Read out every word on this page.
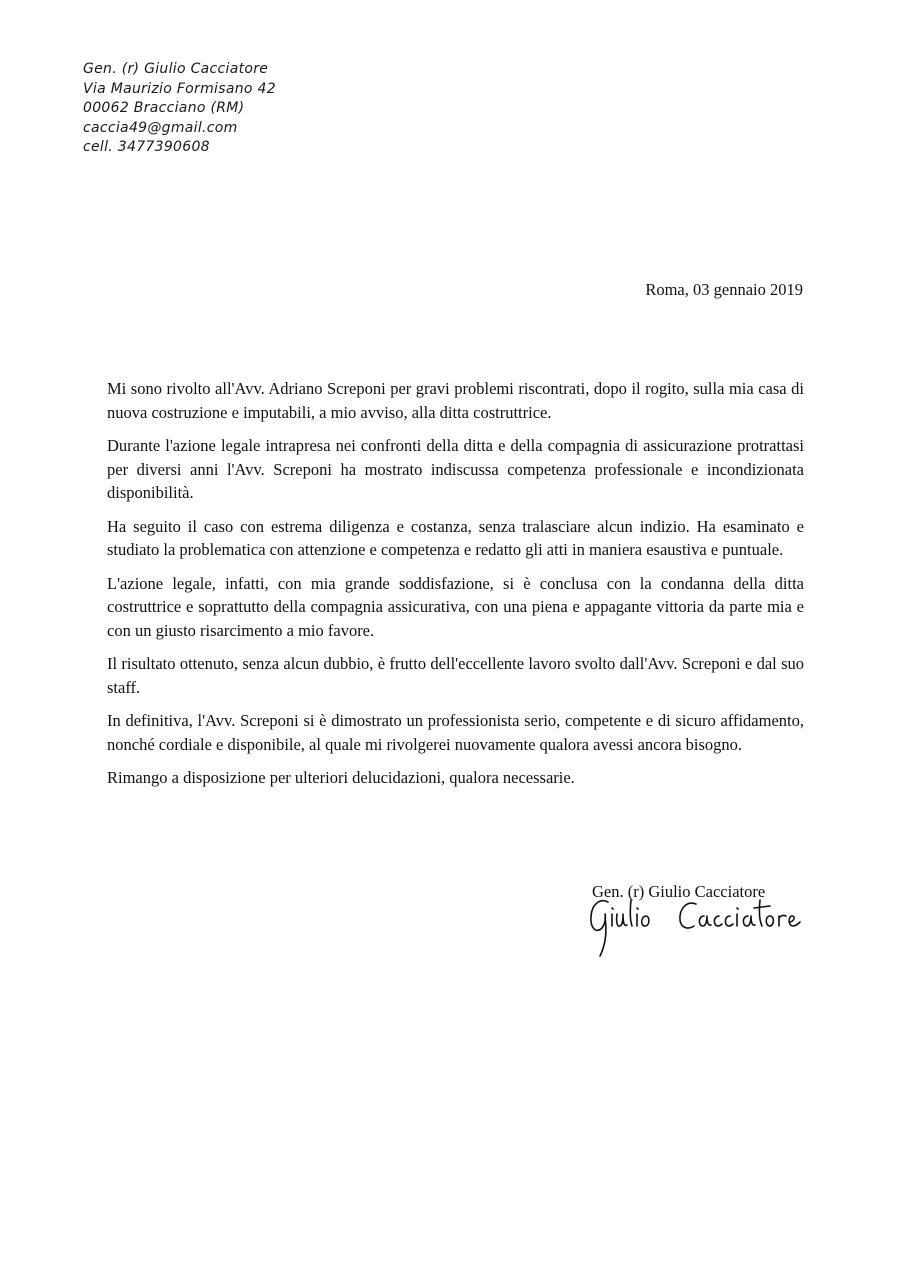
Gen. (r) Giulio Cacciatore
Via Maurizio Formisano 42
00062 Bracciano (RM)
caccia49@gmail.com
cell. 3477390608
Roma, 03 gennaio 2019

Mi sono rivolto all'Avv. Adriano Screponi per gravi problemi riscontrati, dopo il rogito, sulla mia casa di nuova costruzione e imputabili, a mio avviso, alla ditta costruttrice.

Durante l'azione legale intrapresa nei confronti della ditta e della compagnia di assicurazione protrattasi per diversi anni l'Avv. Screponi ha mostrato indiscussa competenza professionale e incondizionata disponibilità.

Ha seguito il caso con estrema diligenza e costanza, senza tralasciare alcun indizio. Ha esaminato e studiato la problematica con attenzione e competenza e redatto gli atti in maniera esaustiva e puntuale.

L'azione legale, infatti, con mia grande soddisfazione, si è conclusa con la condanna della ditta costruttrice e soprattutto della compagnia assicurativa, con una piena e appagante vittoria da parte mia e con un giusto risarcimento a mio favore.

Il risultato ottenuto, senza alcun dubbio, è frutto dell'eccellente lavoro svolto dall'Avv. Screponi e dal suo staff.

In definitiva, l'Avv. Screponi si è dimostrato un professionista serio, competente e di sicuro affidamento, nonché cordiale e disponibile, al quale mi rivolgerei nuovamente qualora avessi ancora bisogno.

Rimango a disposizione per ulteriori delucidazioni, qualora necessarie.

Gen. (r) Giulio Cacciatore
